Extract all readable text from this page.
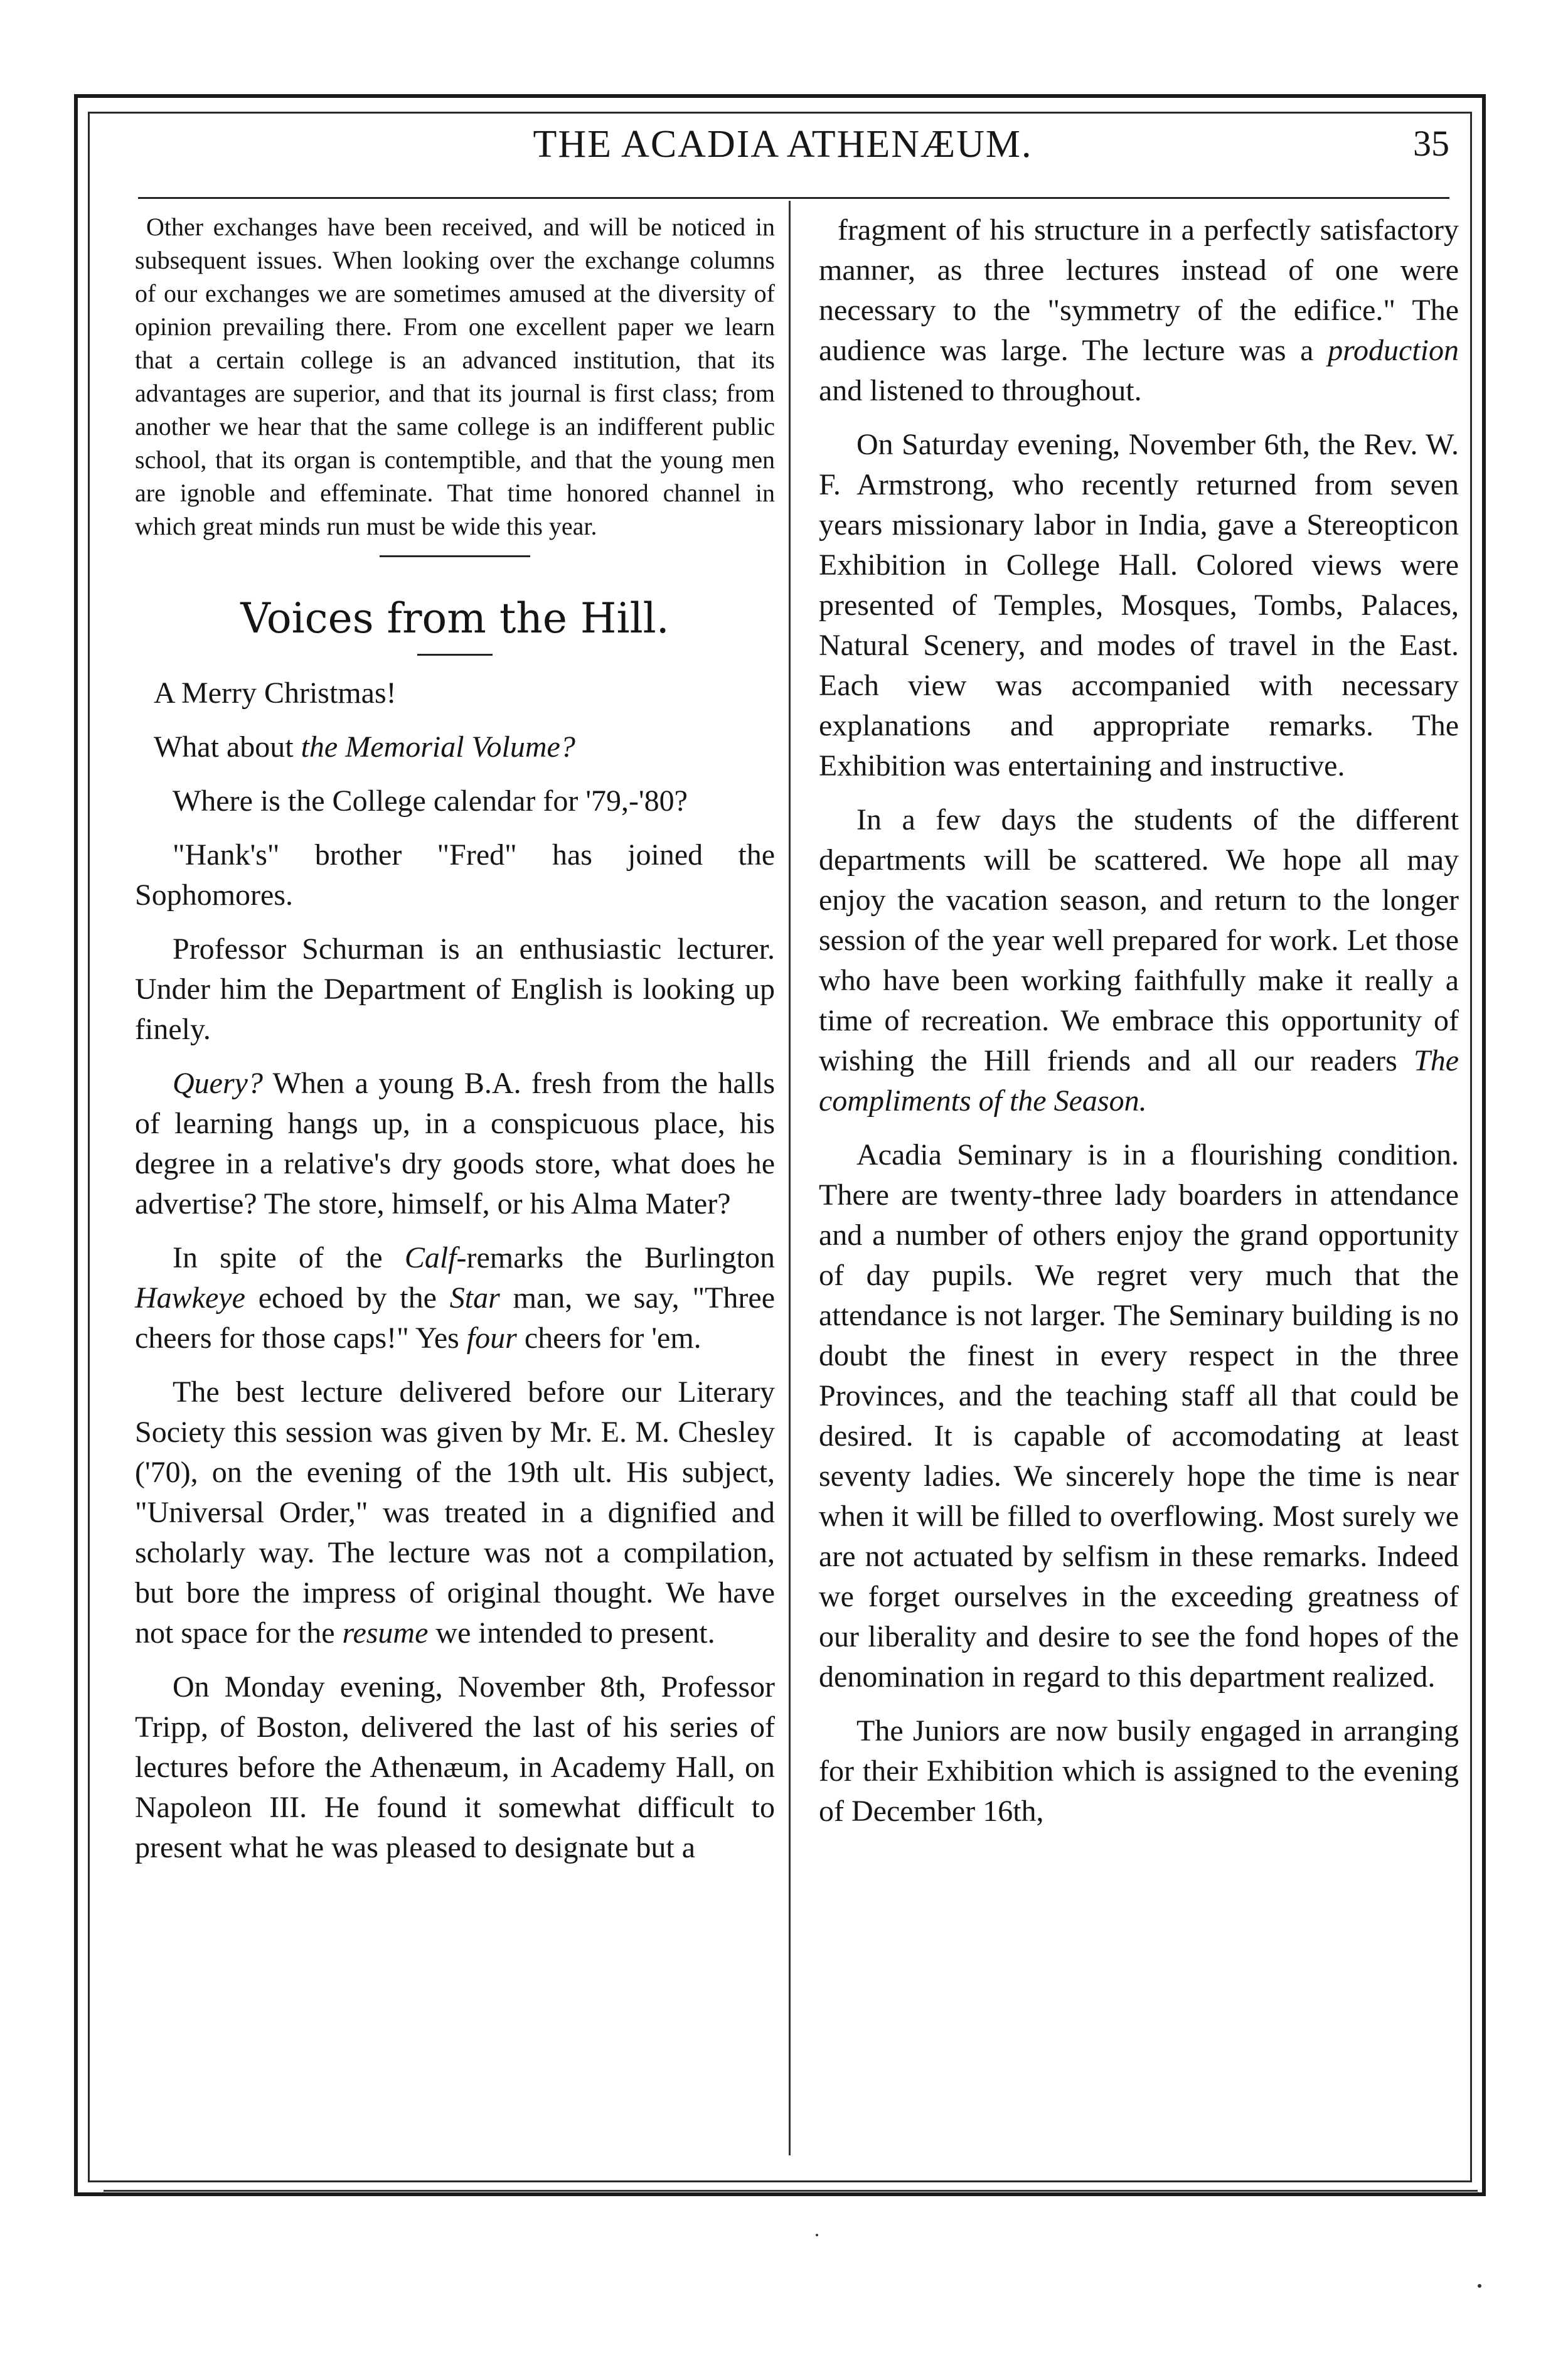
THE ACADIA ATHENÆUM.	35

Other exchanges have been received, and will be noticed in subsequent issues. When looking over the exchange columns of our exchanges we are sometimes amused at the diversity of opinion prevailing there. From one excellent paper we learn that a certain college is an advanced institution, that its advantages are superior, and that its journal is first class; from another we hear that the same college is an indifferent public school, that its organ is contemptible, and that the young men are ignoble and effeminate. That time honored channel in which great minds run must be wide this year.

Voices from the Hill.

A Merry Christmas!

What about the Memorial Volume?

Where is the College calendar for '79,-'80?

"Hank's" brother "Fred" has joined the Sophomores.

Professor Schurman is an enthusiastic lecturer. Under him the Department of English is looking up finely.

Query? When a young B.A. fresh from the halls of learning hangs up, in a conspicuous place, his degree in a relative's dry goods store, what does he advertise? The store, himself, or his Alma Mater?

In spite of the Calf-remarks the Burlington Hawkeye echoed by the Star man, we say, "Three cheers for those caps!" Yes four cheers for 'em.

The best lecture delivered before our Literary Society this session was given by Mr. E. M. Chesley ('70), on the evening of the 19th ult. His subject, "Universal Order," was treated in a dignified and scholarly way. The lecture was not a compilation, but bore the impress of original thought. We have not space for the resume we intended to present.

On Monday evening, November 8th, Professor Tripp, of Boston, delivered the last of his series of lectures before the Athenæum, in Academy Hall, on Napoleon III. He found it somewhat difficult to present what he was pleased to designate but a

fragment of his structure in a perfectly satisfactory manner, as three lectures instead of one were necessary to the "symmetry of the edifice." The audience was large. The lecture was a production and listened to throughout.

On Saturday evening, November 6th, the Rev. W. F. Armstrong, who recently returned from seven years missionary labor in India, gave a Stereopticon Exhibition in College Hall. Colored views were presented of Temples, Mosques, Tombs, Palaces, Natural Scenery, and modes of travel in the East. Each view was accompanied with necessary explanations and appropriate remarks. The Exhibition was entertaining and instructive.

In a few days the students of the different departments will be scattered. We hope all may enjoy the vacation season, and return to the longer session of the year well prepared for work. Let those who have been working faithfully make it really a time of recreation. We embrace this opportunity of wishing the Hill friends and all our readers The compliments of the Season.

Acadia Seminary is in a flourishing condition. There are twenty-three lady boarders in attendance and a number of others enjoy the grand opportunity of day pupils. We regret very much that the attendance is not larger. The Seminary building is no doubt the finest in every respect in the three Provinces, and the teaching staff all that could be desired. It is capable of accomodating at least seventy ladies. We sincerely hope the time is near when it will be filled to overflowing. Most surely we are not actuated by selfism in these remarks. Indeed we forget ourselves in the exceeding greatness of our liberality and desire to see the fond hopes of the denomination in regard to this department realized.

The Juniors are now busily engaged in arranging for their Exhibition which is assigned to the evening of December 16th,
